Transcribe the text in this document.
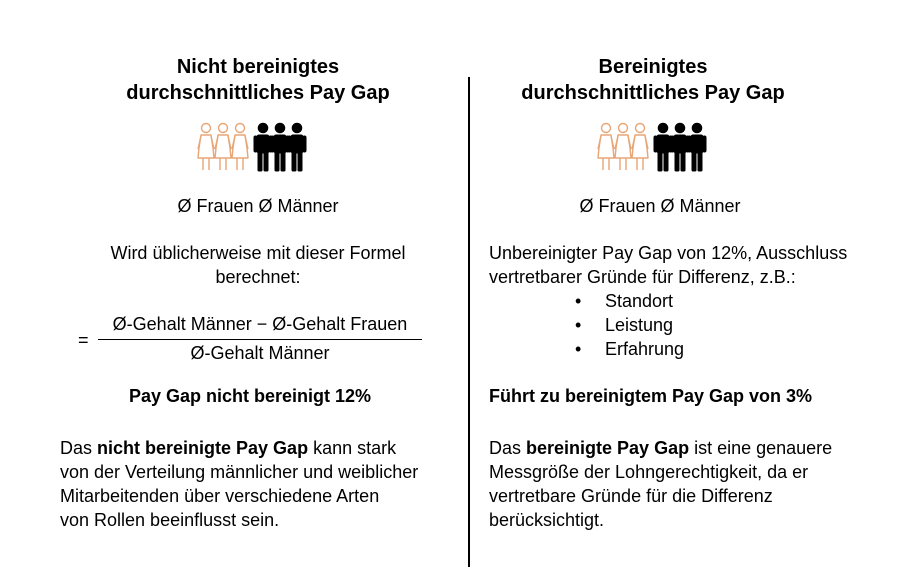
Nicht bereinigtes
durchschnittliches Pay Gap
Ø Frauen Ø Männer
Wird üblicherweise mit dieser Formel
berechnet:
=
Ø-Gehalt Männer − Ø-Gehalt Frauen
Ø-Gehalt Männer
Pay Gap nicht bereinigt 12%
Das nicht bereinigte Pay Gap kann stark
von der Verteilung männlicher und weiblicher
Mitarbeitenden über verschiedene Arten
von Rollen beeinflusst sein.
Bereinigtes
durchschnittliches Pay Gap
Ø Frauen Ø Männer
Unbereinigter Pay Gap von 12%, Ausschluss
vertretbarer Gründe für Differenz, z.B.:
•	Standort
•	Leistung
•	Erfahrung
Führt zu bereinigtem Pay Gap von 3%
Das bereinigte Pay Gap ist eine genauere
Messgröße der Lohngerechtigkeit, da er
vertretbare Gründe für die Differenz
berücksichtigt.
